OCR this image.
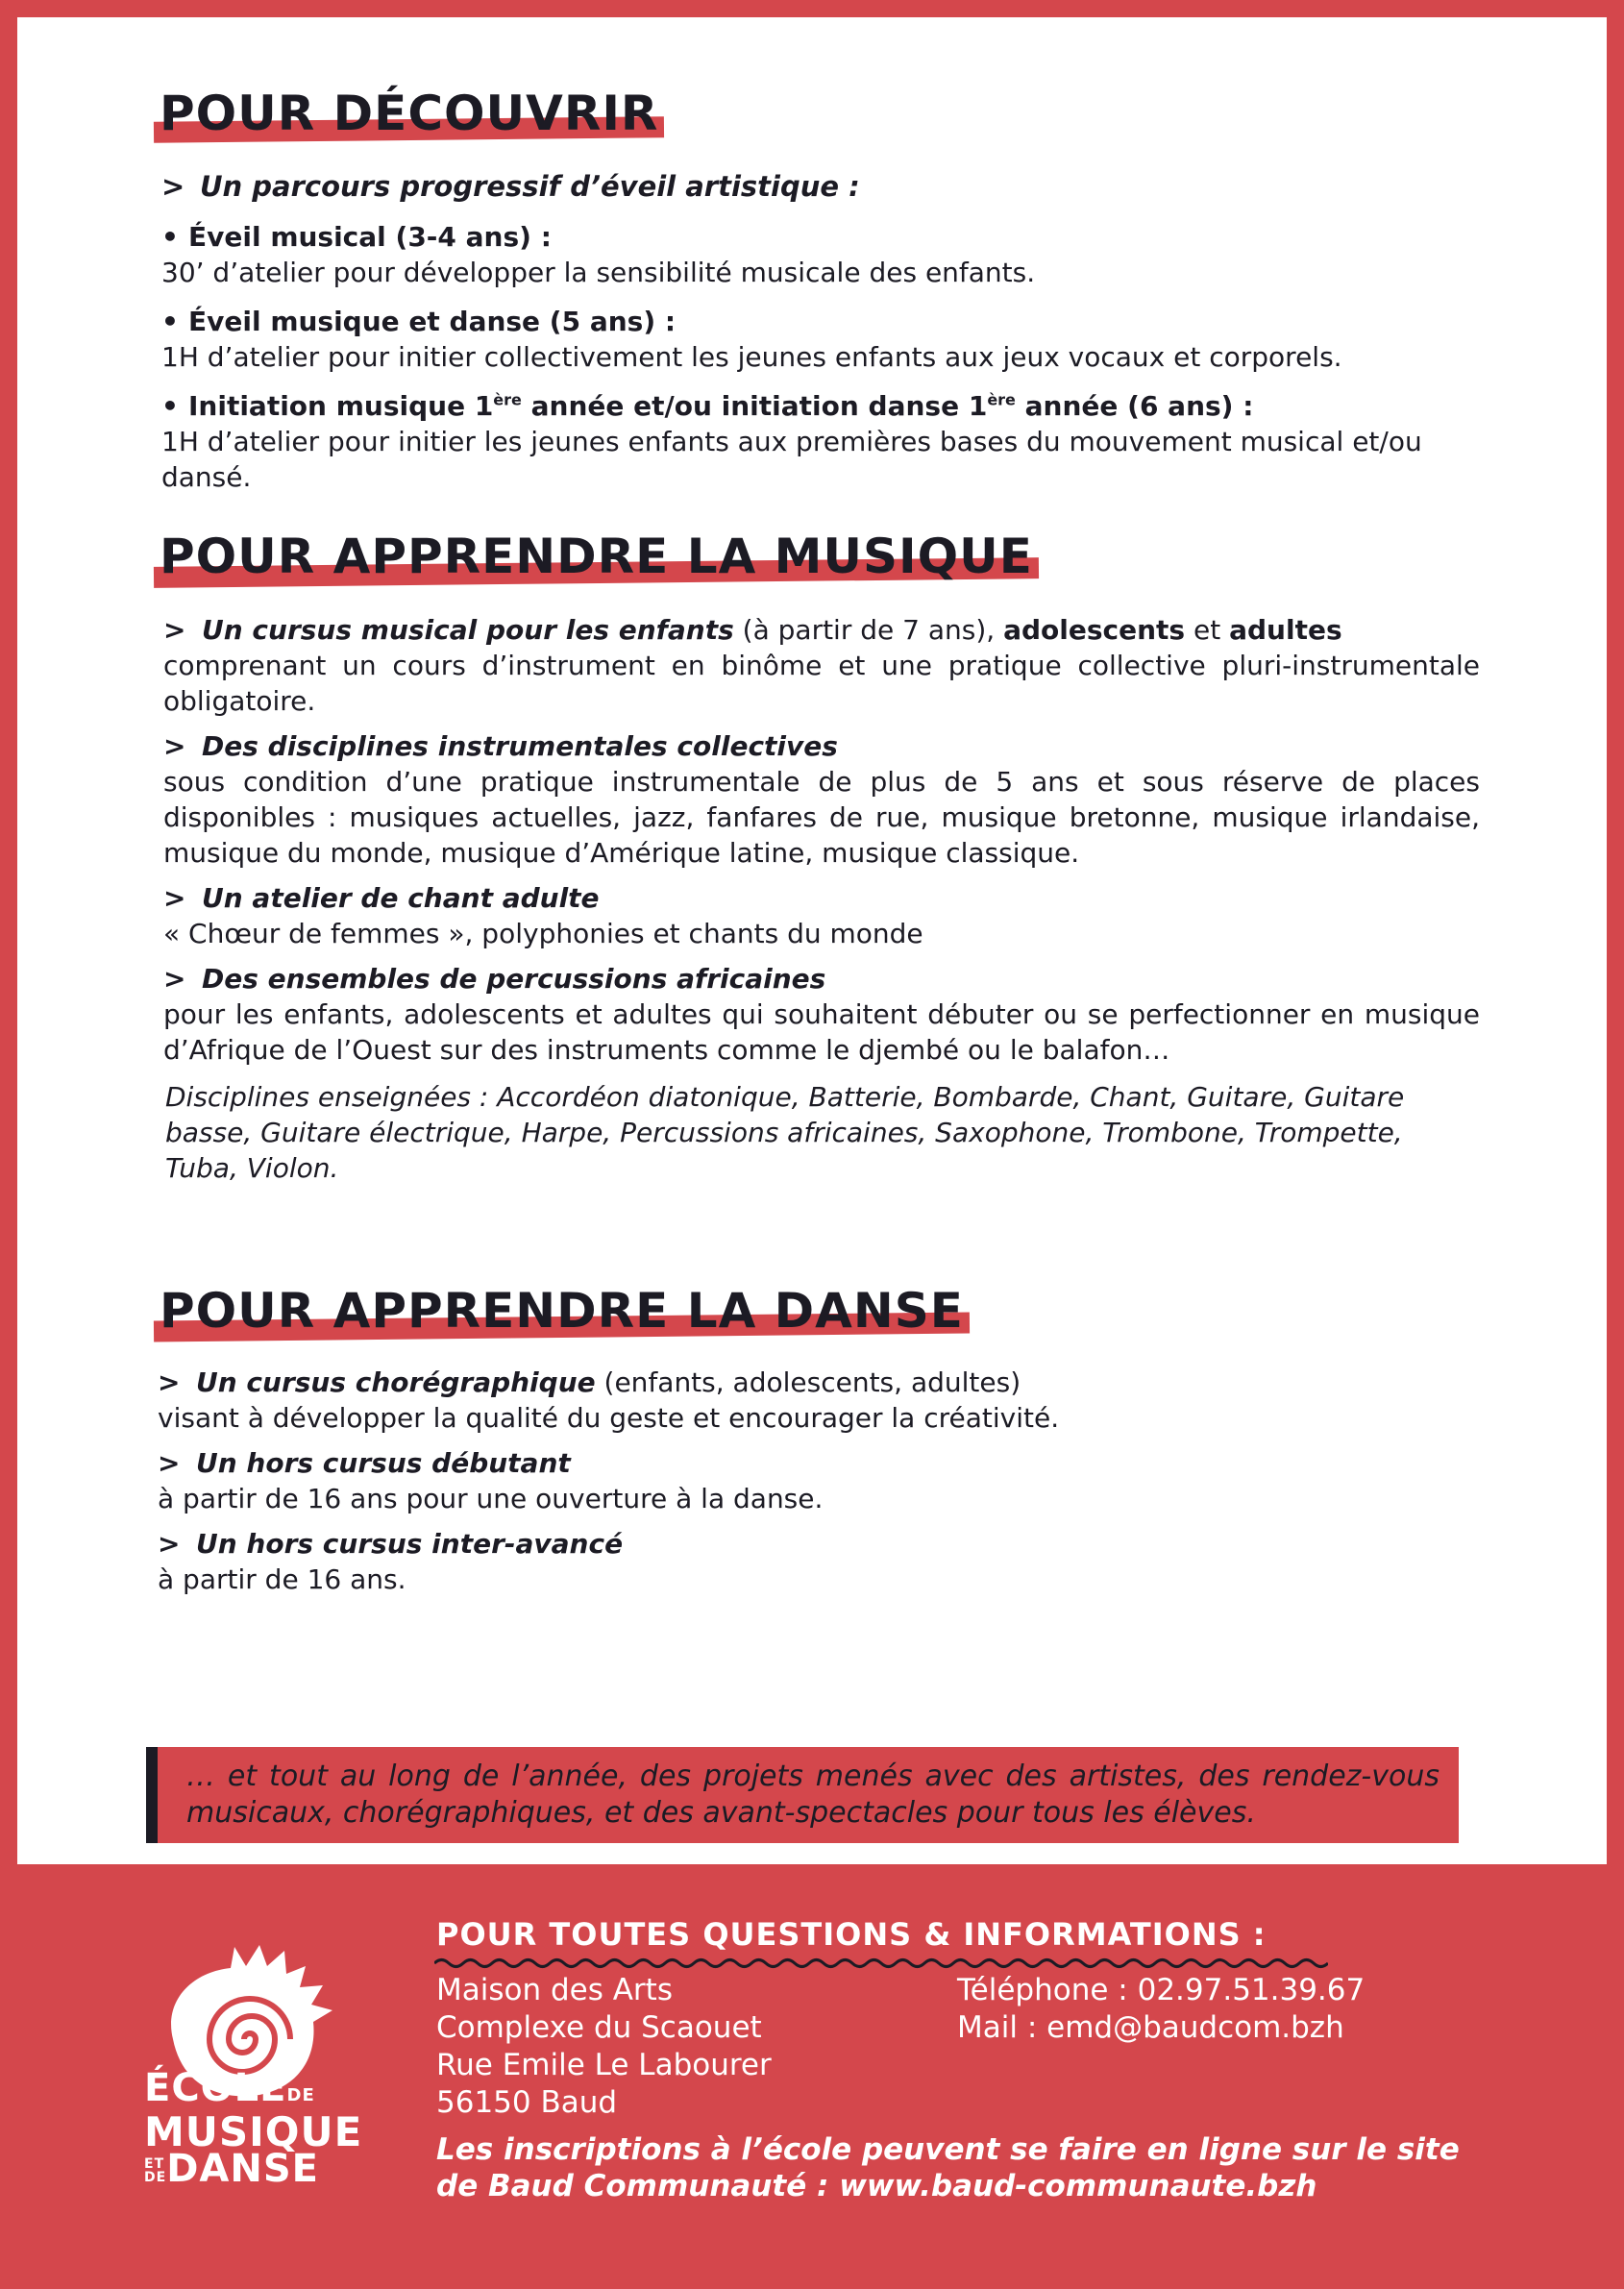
POUR DÉCOUVRIR
> Un parcours progressif d’éveil artistique :
• Éveil musical (3-4 ans) :
30’ d’atelier pour développer la sensibilité musicale des enfants.
• Éveil musique et danse (5 ans) :
1H d’atelier pour initier collectivement les jeunes enfants aux jeux vocaux et corporels.
• Initiation musique 1ère année et/ou initiation danse 1ère année (6 ans) :
1H d’atelier pour initier les jeunes enfants aux premières bases du mouvement musical et/ou dansé.
POUR APPRENDRE LA MUSIQUE
> Un cursus musical pour les enfants (à partir de 7 ans), adolescents et adultes
comprenant un cours d’instrument en binôme et une pratique collective pluri-instrumentale obligatoire.
> Des disciplines instrumentales collectives
sous condition d’une pratique instrumentale de plus de 5 ans et sous réserve de places disponibles : musiques actuelles, jazz, fanfares de rue, musique bretonne, musique irlandaise, musique du monde, musique d’Amérique latine, musique classique.
> Un atelier de chant adulte
« Chœur de femmes », polyphonies et chants du monde
> Des ensembles de percussions africaines
pour les enfants, adolescents et adultes qui souhaitent débuter ou se perfectionner en musique d’Afrique de l’Ouest sur des instruments comme le djembé ou le balafon…
Disciplines enseignées : Accordéon diatonique, Batterie, Bombarde, Chant, Guitare, Guitare basse, Guitare électrique, Harpe, Percussions africaines, Saxophone, Trombone, Trompette, Tuba, Violon.
POUR APPRENDRE LA DANSE
> Un cursus chorégraphique (enfants, adolescents, adultes)
visant à développer la qualité du geste et encourager la créativité.
> Un hors cursus débutant
à partir de 16 ans pour une ouverture à la danse.
> Un hors cursus inter-avancé
à partir de 16 ans.
… et tout au long de l’année, des projets menés avec des artistes, des rendez-vous musicaux, chorégraphiques, et des avant-spectacles pour tous les élèves.
ÉCOLEDE
MUSIQUE
ET
DEDANSE
POUR TOUTES QUESTIONS & INFORMATIONS :
Maison des Arts
Complexe du Scaouet
Rue Emile Le Labourer
56150 Baud
Téléphone : 02.97.51.39.67
Mail : emd@baudcom.bzh
Les inscriptions à l’école peuvent se faire en ligne sur le site
de Baud Communauté : www.baud-communaute.bzh
